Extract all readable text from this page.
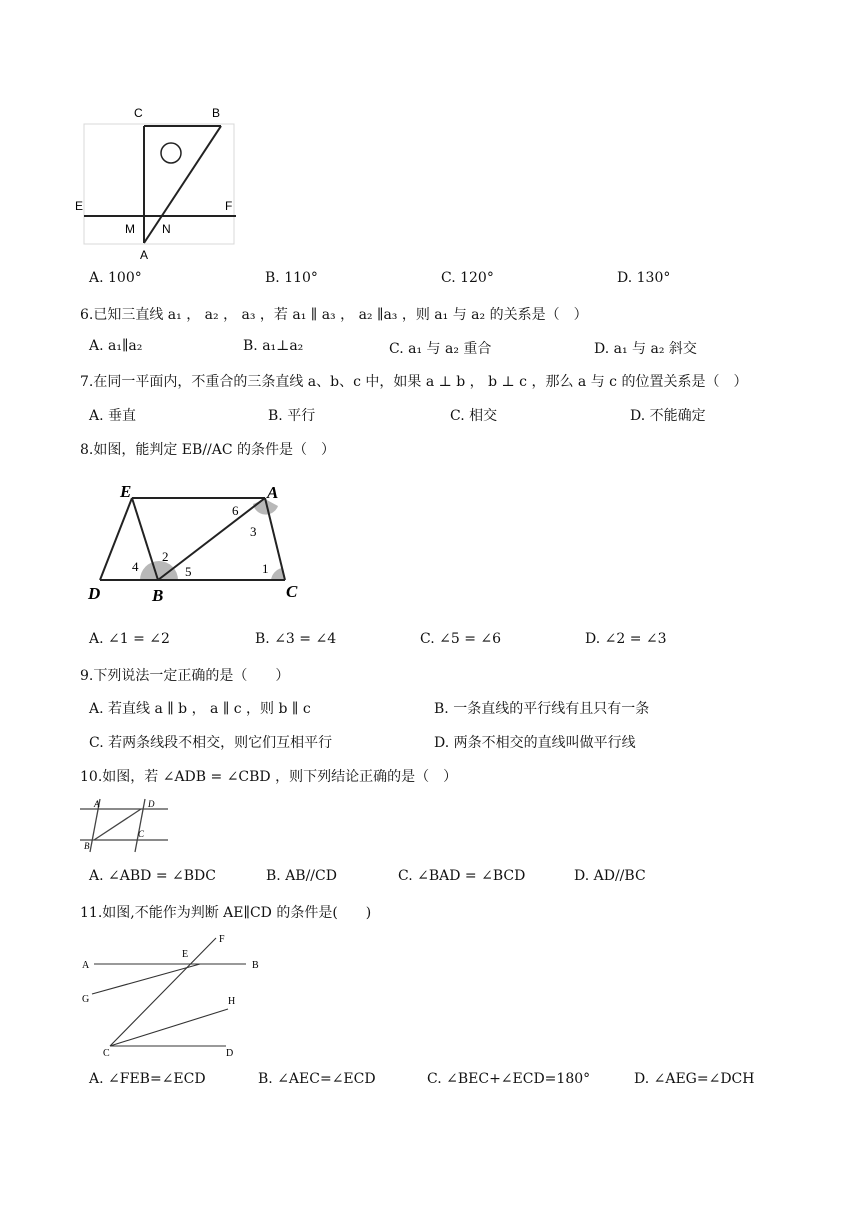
C	B
E	F
M N
A
A. 100°	B. 110°	C. 120°	D. 130°
6.已知三直线 a₁ ， a₂ ， a₃ ，若 a₁ ∥ a₃ ， a₂ ∥a₃ ，则 a₁ 与 a₂ 的关系是（　）
A. a₁∥a₂	B. a₁⊥a₂	C. a₁ 与 a₂ 重合	D. a₁ 与 a₂ 斜交
7.在同一平面内，不重合的三条直线 a、b、c 中，如果 a ⊥ b ， b ⊥ c ，那么 a 与 c 的位置关系是（　）
A. 垂直	B. 平行	C. 相交	D. 不能确定
8.如图，能判定 EB//AC 的条件是（　）
E	A
D	B	C
1
2
3
4	5
6
A. ∠1 = ∠2	B. ∠3 = ∠4	C. ∠5 = ∠6	D. ∠2 = ∠3
9.下列说法一定正确的是（　　）
A. 若直线 a ∥ b ， a ∥ c ，则 b ∥ c	B. 一条直线的平行线有且只有一条
C. 若两条线段不相交，则它们互相平行	D. 两条不相交的直线叫做平行线
10.如图，若 ∠ADB = ∠CBD ，则下列结论正确的是（　）
A	D
B
C
A. ∠ABD = ∠BDC	B. AB//CD	C. ∠BAD = ∠BCD	D. AD//BC
11.如图,不能作为判断 AE∥CD 的条件是(　　)
A
E
F
B
G	H
C	D
A. ∠FEB=∠ECD	B. ∠AEC=∠ECD	C. ∠BEC+∠ECD=180°	D. ∠AEG=∠DCH
